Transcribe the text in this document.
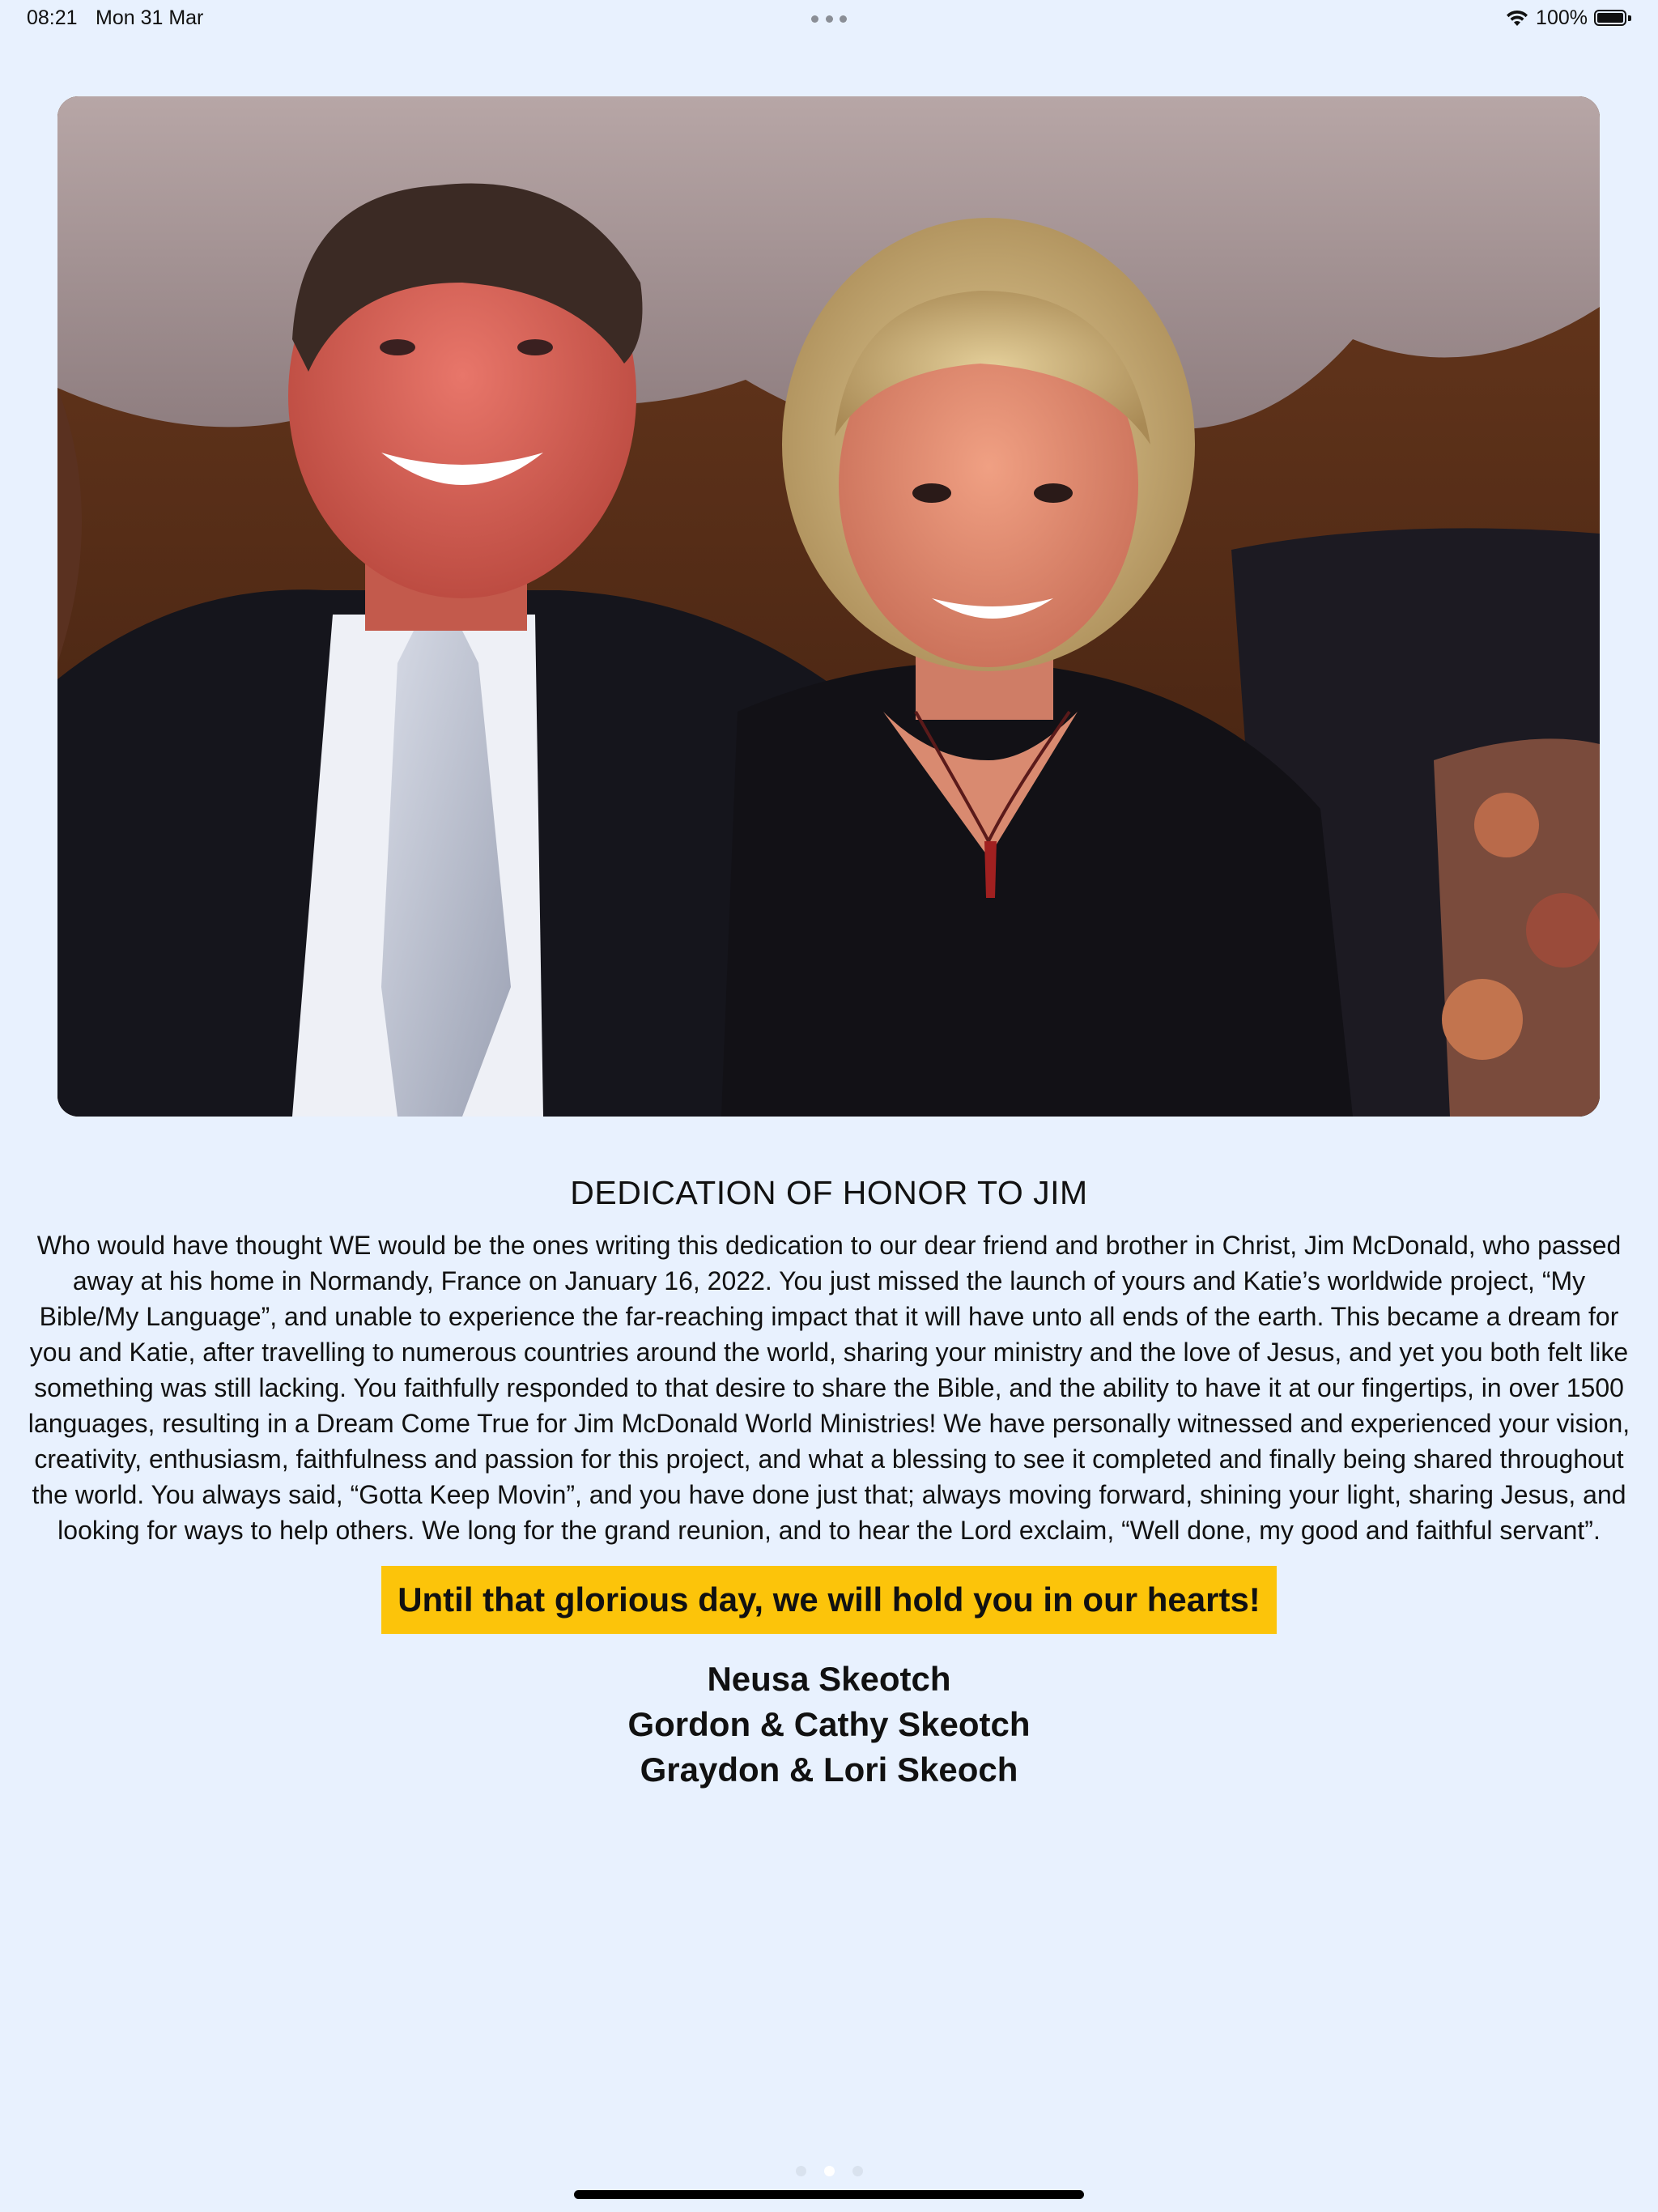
08:21 Mon 31 Mar	100%
DEDICATION OF HONOR TO JIM

Who would have thought WE would be the ones writing this dedication to our dear friend and brother in Christ, Jim McDonald, who passed away at his home in Normandy, France on January 16, 2022. You just missed the launch of yours and Katie’s worldwide project, “My Bible/My Language”, and unable to experience the far-reaching impact that it will have unto all ends of the earth. This became a dream for you and Katie, after travelling to numerous countries around the world, sharing your ministry and the love of Jesus, and yet you both felt like something was still lacking. You faithfully responded to that desire to share the Bible, and the ability to have it at our fingertips, in over 1500 languages, resulting in a Dream Come True for Jim McDonald World Ministries! We have personally witnessed and experienced your vision, creativity, enthusiasm, faithfulness and passion for this project, and what a blessing to see it completed and finally being shared throughout the world. You always said, “Gotta Keep Movin”, and you have done just that; always moving forward, shining your light, sharing Jesus, and looking for ways to help others. We long for the grand reunion, and to hear the Lord exclaim, “Well done, my good and faithful servant”.

Until that glorious day, we will hold you in our hearts!
Neusa Skeotch
Gordon & Cathy Skeotch
Graydon & Lori Skeoch
